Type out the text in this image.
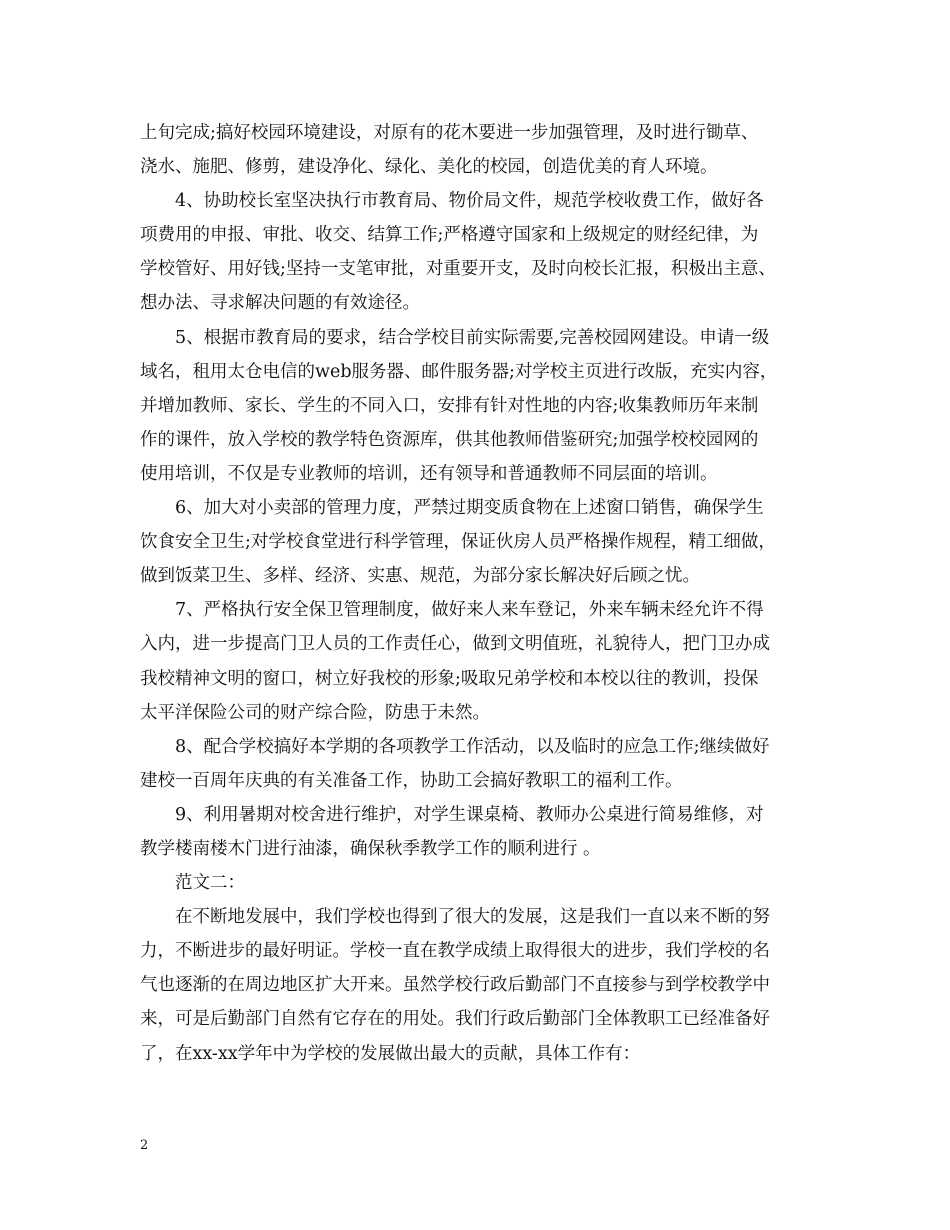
上旬完成;搞好校园环境建设，对原有的花木要进一步加强管理，及时进行锄草、
浇水、施肥、修剪，建设净化、绿化、美化的校园，创造优美的育人环境。
4、协助校长室坚决执行市教育局、物价局文件，规范学校收费工作，做好各
项费用的申报、审批、收交、结算工作;严格遵守国家和上级规定的财经纪律，为
学校管好、用好钱;坚持一支笔审批，对重要开支，及时向校长汇报，积极出主意、
想办法、寻求解决问题的有效途径。
5、根据市教育局的要求，结合学校目前实际需要,完善校园网建设。申请一级
域名，租用太仓电信的web服务器、邮件服务器;对学校主页进行改版，充实内容，
并增加教师、家长、学生的不同入口，安排有针对性地的内容;收集教师历年来制
作的课件，放入学校的教学特色资源库，供其他教师借鉴研究;加强学校校园网的
使用培训，不仅是专业教师的培训，还有领导和普通教师不同层面的培训。
6、加大对小卖部的管理力度，严禁过期变质食物在上述窗口销售，确保学生
饮食安全卫生;对学校食堂进行科学管理，保证伙房人员严格操作规程，精工细做，
做到饭菜卫生、多样、经济、实惠、规范，为部分家长解决好后顾之忧。
7、严格执行安全保卫管理制度，做好来人来车登记，外来车辆未经允许不得
入内，进一步提高门卫人员的工作责任心，做到文明值班，礼貌待人，把门卫办成
我校精神文明的窗口，树立好我校的形象;吸取兄弟学校和本校以往的教训，投保
太平洋保险公司的财产综合险，防患于未然。
8、配合学校搞好本学期的各项教学工作活动，以及临时的应急工作;继续做好
建校一百周年庆典的有关准备工作，协助工会搞好教职工的福利工作。
9、利用暑期对校舍进行维护，对学生课桌椅、教师办公桌进行简易维修，对
教学楼南楼木门进行油漆，确保秋季教学工作的顺利进行 。
范文二：
在不断地发展中，我们学校也得到了很大的发展，这是我们一直以来不断的努
力，不断进步的最好明证。学校一直在教学成绩上取得很大的进步，我们学校的名
气也逐渐的在周边地区扩大开来。虽然学校行政后勤部门不直接参与到学校教学中
来，可是后勤部门自然有它存在的用处。我们行政后勤部门全体教职工已经准备好
了，在xx-xx学年中为学校的发展做出最大的贡献，具体工作有：
2
